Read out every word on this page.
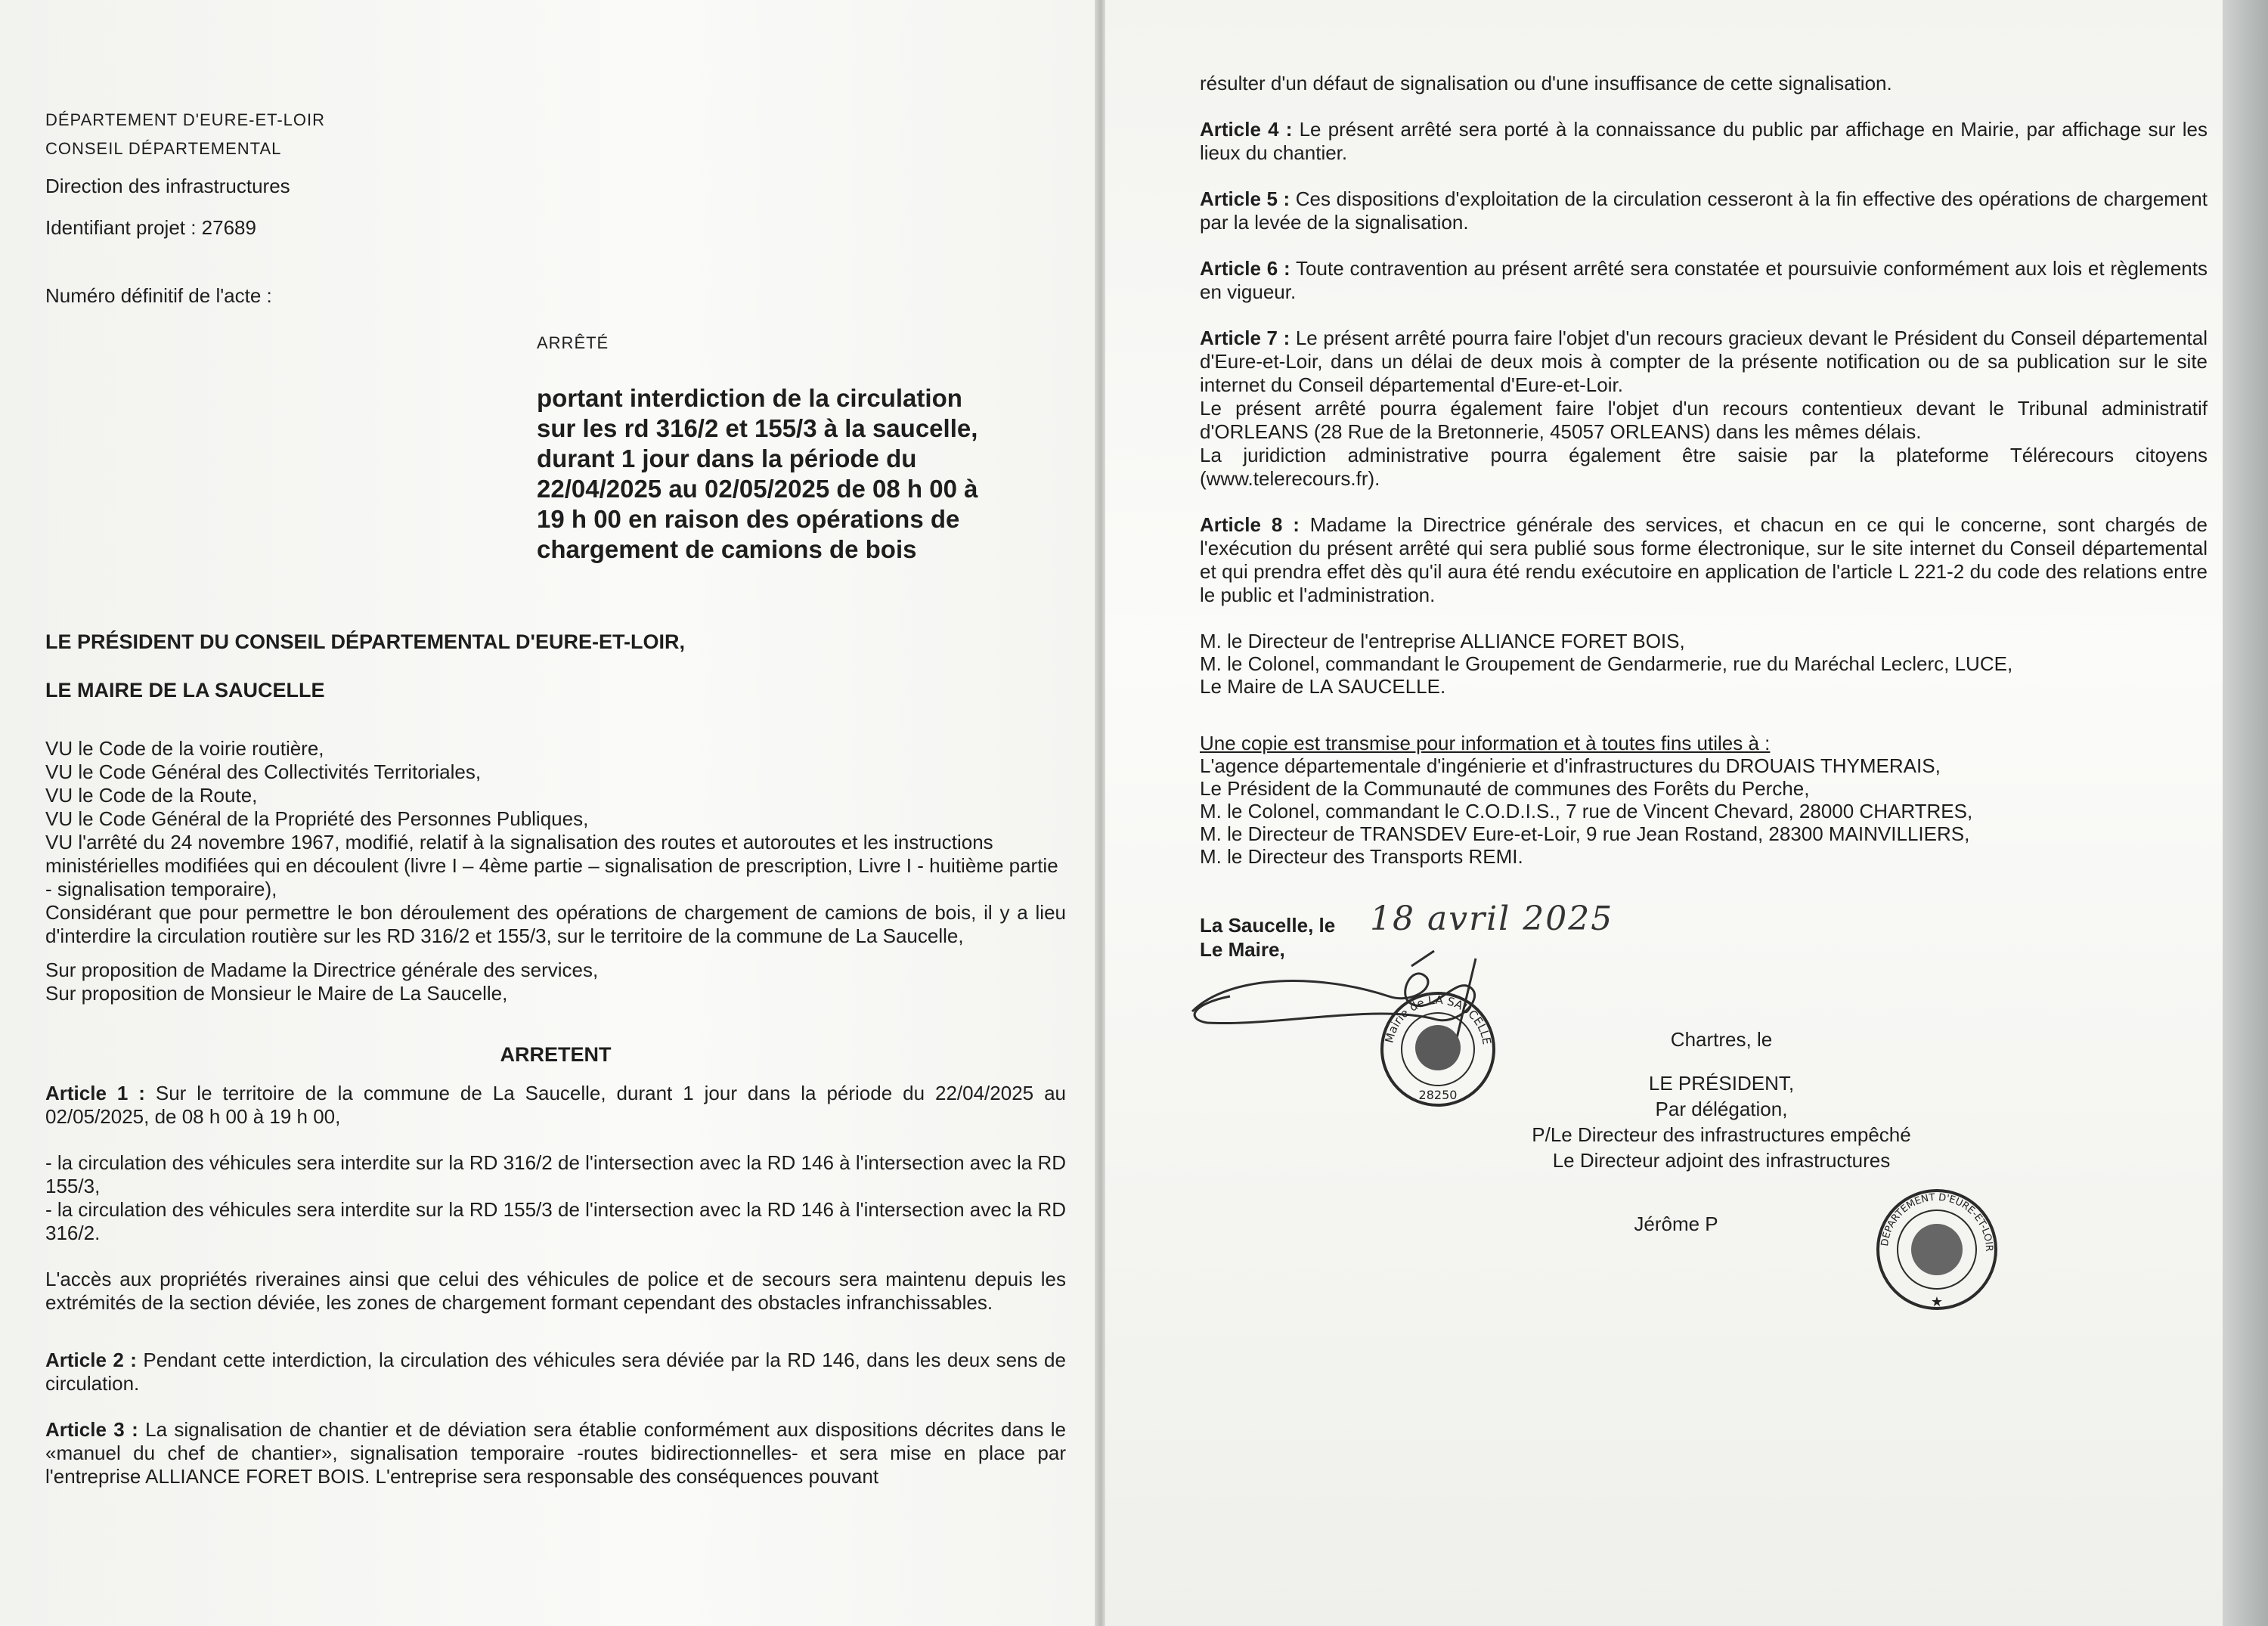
DÉPARTEMENT D'EURE-ET-LOIR
CONSEIL DÉPARTEMENTAL

Direction des infrastructures

Identifiant projet : 27689

Numéro définitif de l'acte :

ARRÊTÉ
portant interdiction de la circulation
sur les rd 316/2 et 155/3 à la saucelle,
durant 1 jour dans la période du
22/04/2025 au 02/05/2025 de 08 h 00 à
19 h 00 en raison des opérations de
chargement de camions de bois
LE PRÉSIDENT DU CONSEIL DÉPARTEMENTAL D'EURE-ET-LOIR,
LE MAIRE DE LA SAUCELLE
VU le Code de la voirie routière,
VU le Code Général des Collectivités Territoriales,
VU le Code de la Route,
VU le Code Général de la Propriété des Personnes Publiques,
VU l'arrêté du 24 novembre 1967, modifié, relatif à la signalisation des routes et autoroutes et les instructions ministérielles modifiées qui en découlent (livre I – 4ème partie – signalisation de prescription, Livre I - huitième partie - signalisation temporaire),

Considérant que pour permettre le bon déroulement des opérations de chargement de camions de bois, il y a lieu d'interdire la circulation routière sur les RD 316/2 et 155/3, sur le territoire de la commune de La Saucelle,

Sur proposition de Madame la Directrice générale des services,

Sur proposition de Monsieur le Maire de La Saucelle,

ARRETENT

Article 1 : Sur le territoire de la commune de La Saucelle, durant 1 jour dans la période du 22/04/2025 au 02/05/2025, de 08 h 00 à 19 h 00,

- la circulation des véhicules sera interdite sur la RD 316/2 de l'intersection avec la RD 146 à l'intersection avec la RD 155/3,

- la circulation des véhicules sera interdite sur la RD 155/3 de l'intersection avec la RD 146 à l'intersection avec la RD 316/2.

L'accès aux propriétés riveraines ainsi que celui des véhicules de police et de secours sera maintenu depuis les extrémités de la section déviée, les zones de chargement formant cependant des obstacles infranchissables.

Article 2 : Pendant cette interdiction, la circulation des véhicules sera déviée par la RD 146, dans les deux sens de circulation.

Article 3 : La signalisation de chantier et de déviation sera établie conformément aux dispositions décrites dans le «manuel du chef de chantier», signalisation temporaire -routes bidirectionnelles- et sera mise en place par l'entreprise ALLIANCE FORET BOIS. L'entreprise sera responsable des conséquences pouvant

résulter d'un défaut de signalisation ou d'une insuffisance de cette signalisation.

Article 4 : Le présent arrêté sera porté à la connaissance du public par affichage en Mairie, par affichage sur les lieux du chantier.

Article 5 : Ces dispositions d'exploitation de la circulation cesseront à la fin effective des opérations de chargement par la levée de la signalisation.

Article 6 : Toute contravention au présent arrêté sera constatée et poursuivie conformément aux lois et règlements en vigueur.

Article 7 : Le présent arrêté pourra faire l'objet d'un recours gracieux devant le Président du Conseil départemental d'Eure-et-Loir, dans un délai de deux mois à compter de la présente notification ou de sa publication sur le site internet du Conseil départemental d'Eure-et-Loir.

Le présent arrêté pourra également faire l'objet d'un recours contentieux devant le Tribunal administratif d'ORLEANS (28 Rue de la Bretonnerie, 45057 ORLEANS) dans les mêmes délais.

La juridiction administrative pourra également être saisie par la plateforme Télérecours citoyens (www.telerecours.fr).

Article 8 : Madame la Directrice générale des services, et chacun en ce qui le concerne, sont chargés de l'exécution du présent arrêté qui sera publié sous forme électronique, sur le site internet du Conseil départemental et qui prendra effet dès qu'il aura été rendu exécutoire en application de l'article L 221-2 du code des relations entre le public et l'administration.

M. le Directeur de l'entreprise ALLIANCE FORET BOIS,
M. le Colonel, commandant le Groupement de Gendarmerie, rue du Maréchal Leclerc, LUCE,
Le Maire de LA SAUCELLE.
Une copie est transmise pour information et à toutes fins utiles à :
L'agence départementale d'ingénierie et d'infrastructures du DROUAIS THYMERAIS,
Le Président de la Communauté de communes des Forêts du Perche,
M. le Colonel, commandant le C.O.D.I.S., 7 rue de Vincent Chevard, 28000 CHARTRES,
M. le Directeur de TRANSDEV Eure-et-Loir, 9 rue Jean Rostand, 28300 MAINVILLIERS,
M. le Directeur des Transports REMI.
La Saucelle, le
Le Maire,
18 avril 2025
Mairie de LA SAUCELLE
28250
Chartres, le
LE PRÉSIDENT,
Par délégation,
P/Le Directeur des infrastructures empêché
Le Directeur adjoint des infrastructures
Jérôme P
DÉPARTEMENT D'EURE-ET-LOIR
★
